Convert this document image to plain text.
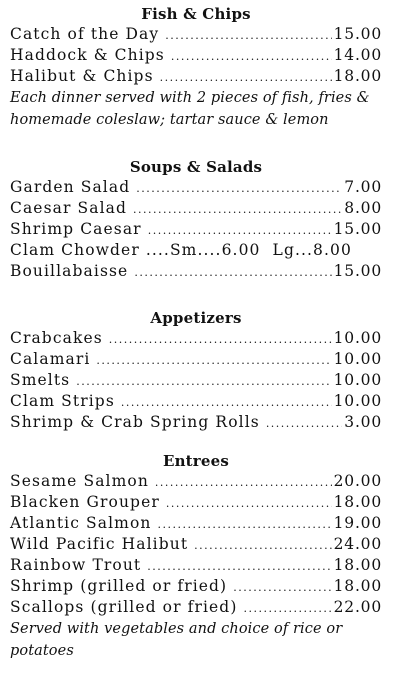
Fish & Chips
Catch of the Day .....	15.00
Haddock & Chips .....	14.00
Halibut & Chips .....	18.00
Each dinner served with 2 pieces of fish, fries & homemade coleslaw; tartar sauce & lemon
Soups & Salads
Garden Salad .....	7.00
Caesar Salad .....	8.00
Shrimp Caesar .....	15.00
Clam Chowder ....Sm....6.00  Lg...8.00
Bouillabaisse .....	15.00
Appetizers
Crabcakes .....	10.00
Calamari .....	10.00
Smelts .....	10.00
Clam Strips .....	10.00
Shrimp & Crab Spring Rolls .....	3.00
Entrees
Sesame Salmon .....	20.00
Blacken Grouper .....	18.00
Atlantic Salmon .....	19.00
Wild Pacific Halibut .....	24.00
Rainbow Trout .....	18.00
Shrimp (grilled or fried) .....	18.00
Scallops (grilled or fried) .....	22.00
Served with vegetables and choice of rice or potatoes
